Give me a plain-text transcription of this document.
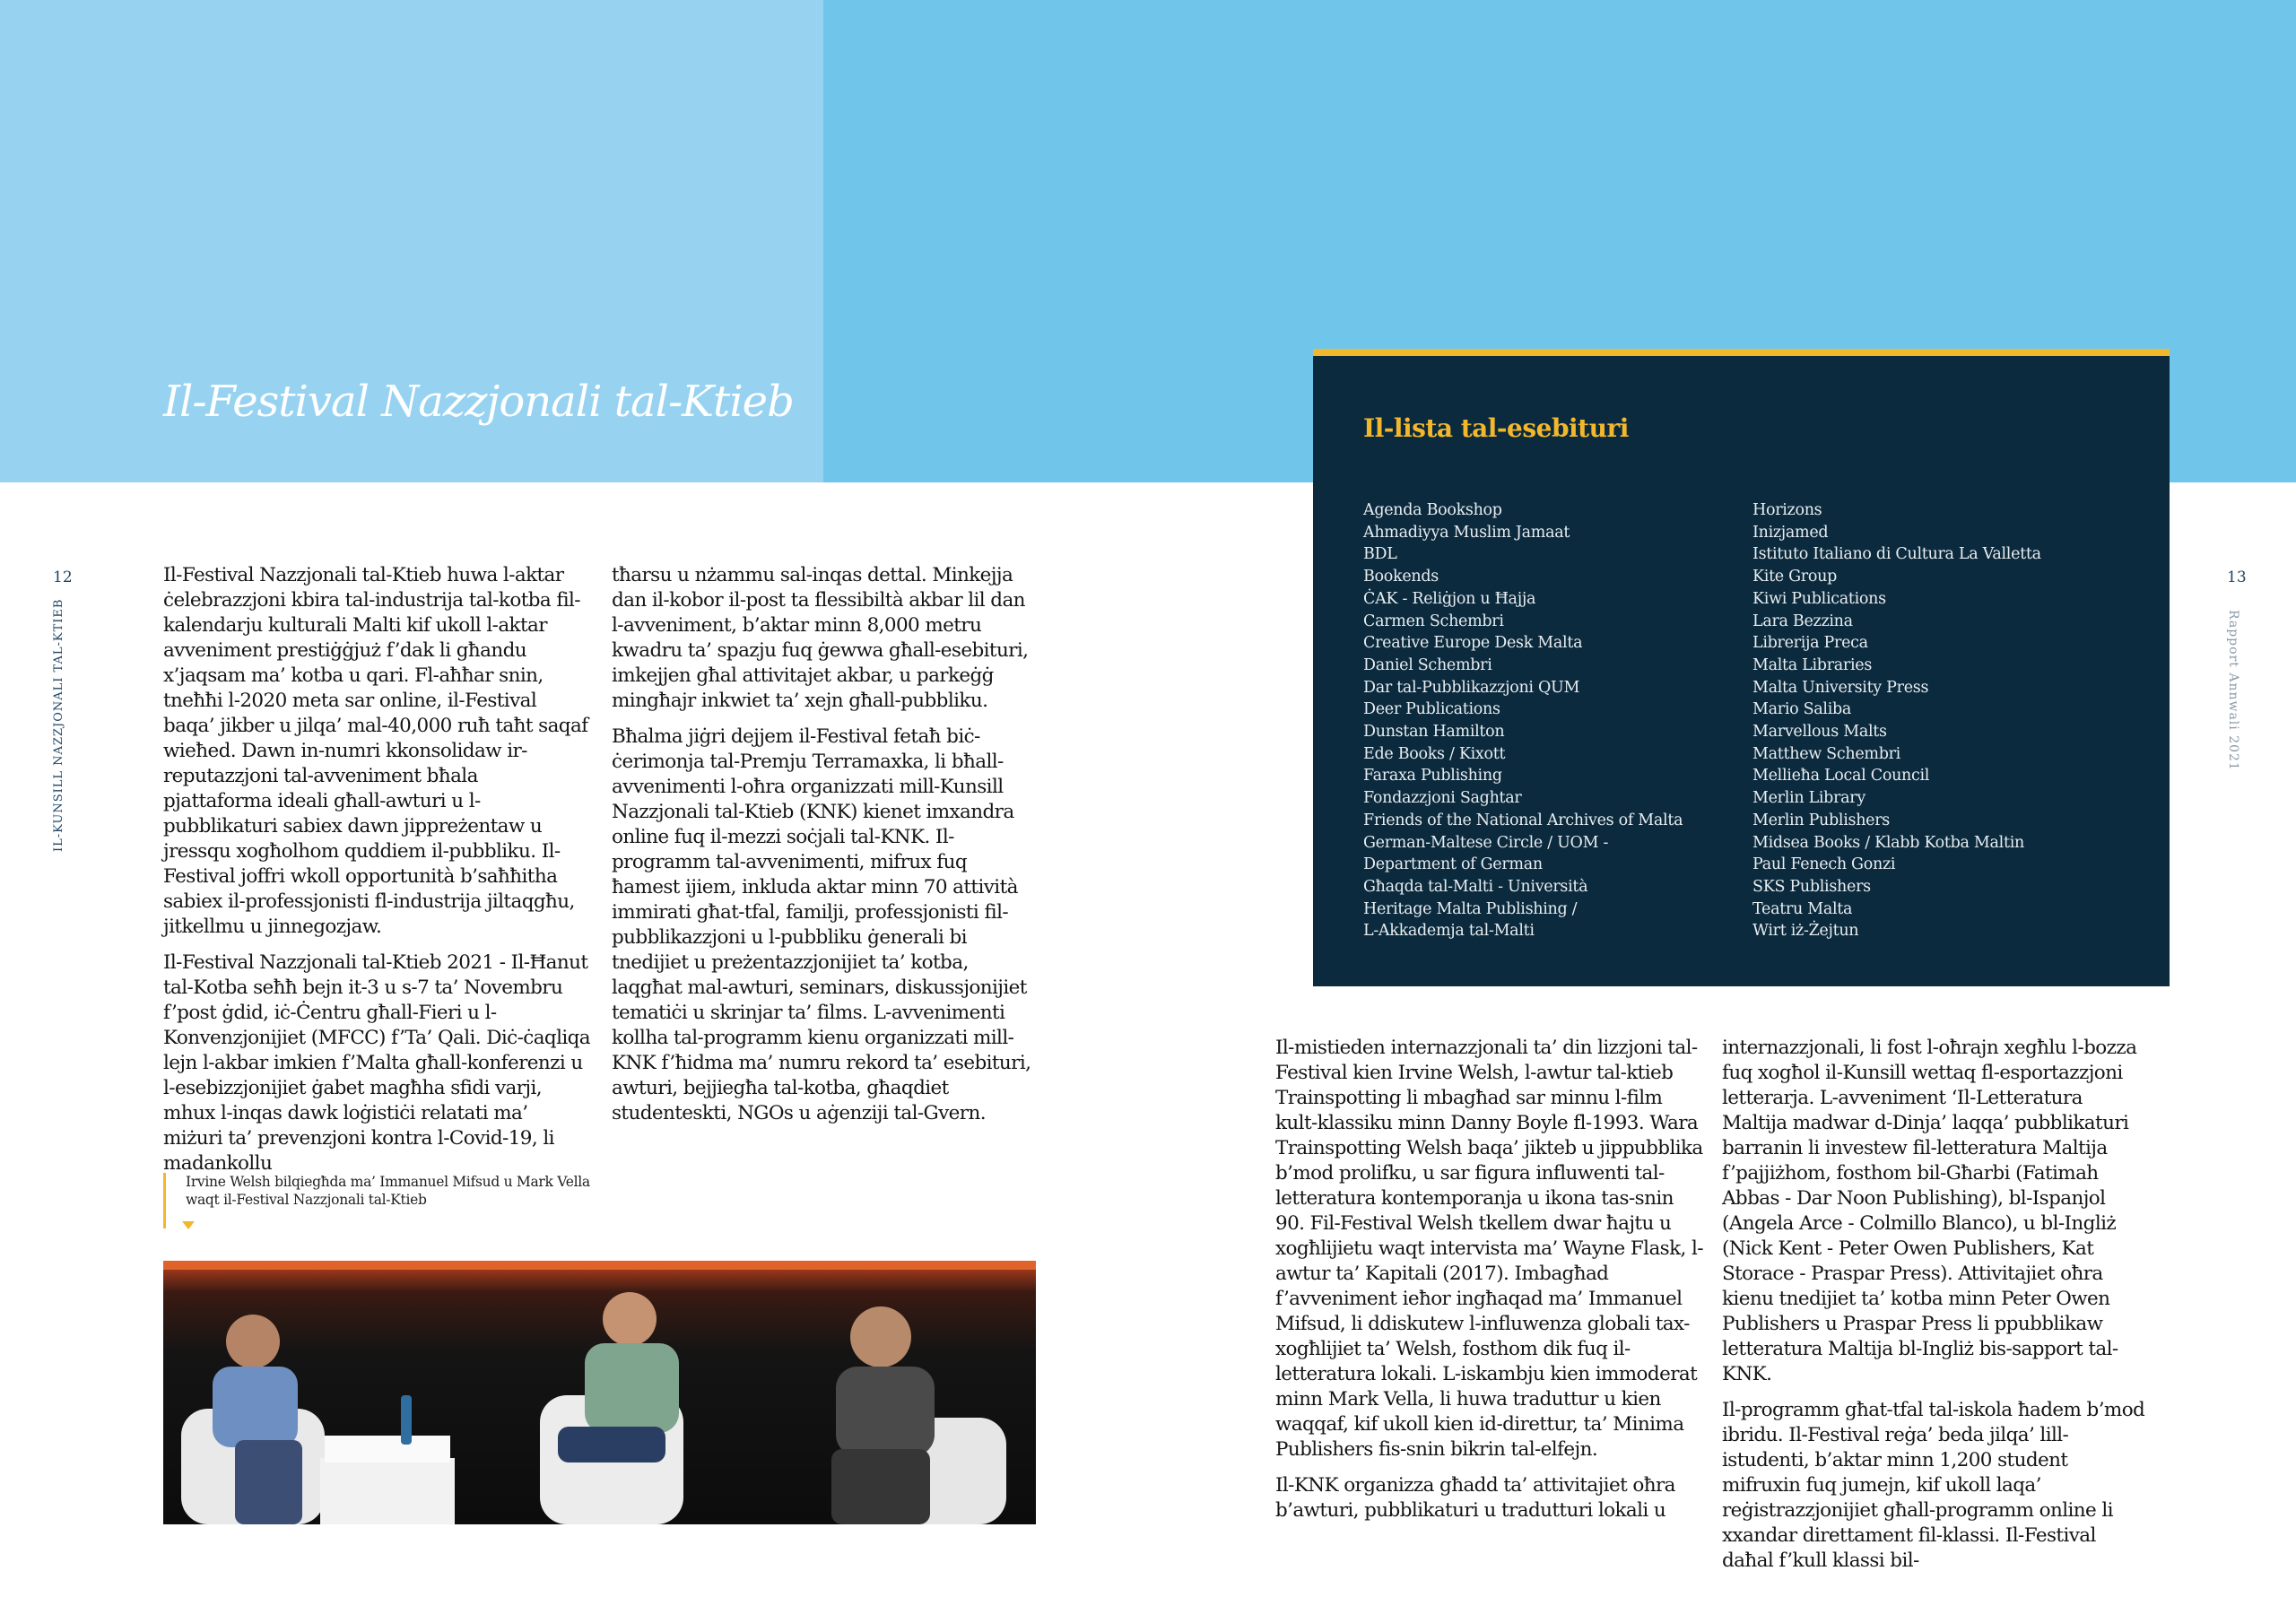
Il-Festival Nazzjonali tal-Ktieb
12	13
IL-KUNSILL NAZZJONALI TAL-KTIEB	Rapport Annwali 2021

Il-Festival Nazzjonali tal-Ktieb huwa l-aktar ċelebrazzjoni kbira tal-industrija tal-kotba fil-kalendarju kulturali Malti kif ukoll l-aktar avveniment prestiġġjuż f’dak li għandu x’jaqsam ma’ kotba u qari. Fl-aħħar snin, tneħħi l-2020 meta sar online, il-Festival baqa’ jikber u jilqa’ mal-40,000 ruħ taħt saqaf wieħed. Dawn in-numri kkonsolidaw ir-reputazzjoni tal-avveniment bħala pjattaforma ideali għall-awturi u l-pubblikaturi sabiex dawn jippreżentaw u jressqu xogħolhom quddiem il-pubbliku. Il-Festival joffri wkoll opportunità b’saħħitha sabiex il-professjonisti fl-industrija jiltaqgħu, jitkellmu u jinnegozjaw.

Il-Festival Nazzjonali tal-Ktieb 2021 - Il-Ħanut tal-Kotba seħħ bejn it-3 u s-7 ta’ Novembru f’post ġdid, iċ-Ċentru għall-Fieri u l-Konvenzjonijiet (MFCC) f’Ta’ Qali. Diċ-ċaqliqa lejn l-akbar imkien f’Malta għall-konferenzi u l-esebizzjonijiet ġabet magħha sfidi varji, mhux l-inqas dawk loġistiċi relatati ma’ miżuri ta’ prevenzjoni kontra l-Covid-19, li madankollu

tħarsu u nżammu sal-inqas dettal. Minkejja dan il-kobor il-post ta flessibiltà akbar lil dan l-avveniment, b’aktar minn 8,000 metru kwadru ta’ spazju fuq ġewwa għall-esebituri, imkejjen għal attivitajet akbar, u parkeġġ mingħajr inkwiet ta’ xejn għall-pubbliku.

Bħalma jiġri dejjem il-Festival fetaħ biċ-ċerimonja tal-Premju Terramaxka, li bħall-avvenimenti l-oħra organizzati mill-Kunsill Nazzjonali tal-Ktieb (KNK) kienet imxandra online fuq il-mezzi soċjali tal-KNK. Il-programm tal-avvenimenti, mifrux fuq ħamest ijiem, inkluda aktar minn 70 attività immirati għat-tfal, familji, professjonisti fil-pubblikazzjoni u l-pubbliku ġenerali bi tnedijiet u preżentazzjonijiet ta’ kotba, laqgħat mal-awturi, seminars, diskussjonijiet tematiċi u skrinjar ta’ films. L-avvenimenti kollha tal-programm kienu organizzati mill-KNK f’ħidma ma’ numru rekord ta’ esebituri, awturi, bejjiegħa tal-kotba, għaqdiet studenteskti, NGOs u aġenziji tal-Gvern.

Irvine Welsh bilqiegħda ma’ Immanuel Mifsud u Mark Vella waqt il-Festival Nazzjonali tal-Ktieb
Il-lista tal-esebituri
Agenda Bookshop
Ahmadiyya Muslim Jamaat
BDL
Bookends
ĊAK - Reliġjon u Ħajja
Carmen Schembri
Creative Europe Desk Malta
Daniel Schembri
Dar tal-Pubblikazzjoni QUM
Deer Publications
Dunstan Hamilton
Ede Books / Kixott
Faraxa Publishing
Fondazzjoni Saghtar
Friends of the National Archives of Malta
German-Maltese Circle / UOM -
Department of German
Għaqda tal-Malti - Università
Heritage Malta Publishing /
L-Akkademja tal-Malti
Horizons
Inizjamed
Istituto Italiano di Cultura La Valletta
Kite Group
Kiwi Publications
Lara Bezzina
Librerija Preca
Malta Libraries
Malta University Press
Mario Saliba
Marvellous Malts
Matthew Schembri
Mellieħa Local Council
Merlin Library
Merlin Publishers
Midsea Books / Klabb Kotba Maltin
Paul Fenech Gonzi
SKS Publishers
Teatru Malta
Wirt iż-Żejtun

Il-mistieden internazzjonali ta’ din lizzjoni tal-Festival kien Irvine Welsh, l-awtur tal-ktieb Trainspotting li mbagħad sar minnu l-film kult-klassiku minn Danny Boyle fl-1993. Wara Trainspotting Welsh baqa’ jikteb u jippubblika b’mod prolifku, u sar figura influwenti tal-letteratura kontemporanja u ikona tas-snin 90. Fil-Festival Welsh tkellem dwar ħajtu u xogħlijietu waqt intervista ma’ Wayne Flask, l-awtur ta’ Kapitali (2017). Imbagħad f’avveniment ieħor ingħaqad ma’ Immanuel Mifsud, li ddiskutew l-influwenza globali tax-xogħlijiet ta’ Welsh, fosthom dik fuq il-letteratura lokali. L-iskambju kien immoderat minn Mark Vella, li huwa traduttur u kien waqqaf, kif ukoll kien id-direttur, ta’ Minima Publishers fis-snin bikrin tal-elfejn.

Il-KNK organizza għadd ta’ attivitajiet oħra b’awturi, pubblikaturi u tradutturi lokali u

internazzjonali, li fost l-oħrajn xegħlu l-bozza fuq xogħol il-Kunsill wettaq fl-esportazzjoni letterarja. L-avveniment ‘Il-Letteratura Maltija madwar d-Dinja’ laqqa’ pubblikaturi barranin li investew fil-letteratura Maltija f’pajjiżhom, fosthom bil-Għarbi (Fatimah Abbas - Dar Noon Publishing), bl-Ispanjol (Angela Arce - Colmillo Blanco), u bl-Ingliż (Nick Kent - Peter Owen Publishers, Kat Storace - Praspar Press). Attivitajiet oħra kienu tnedijiet ta’ kotba minn Peter Owen Publishers u Praspar Press li ppubblikaw letteratura Maltija bl-Ingliż bis-sapport tal-KNK.

Il-programm għat-tfal tal-iskola ħadem b’mod ibridu. Il-Festival reġa’ beda jilqa’ lill-istudenti, b’aktar minn 1,200 student mifruxin fuq jumejn, kif ukoll laqa’ reġistrazzjonijiet għall-programm online li xxandar direttament fil-klassi. Il-Festival daħal f’kull klassi bil-
